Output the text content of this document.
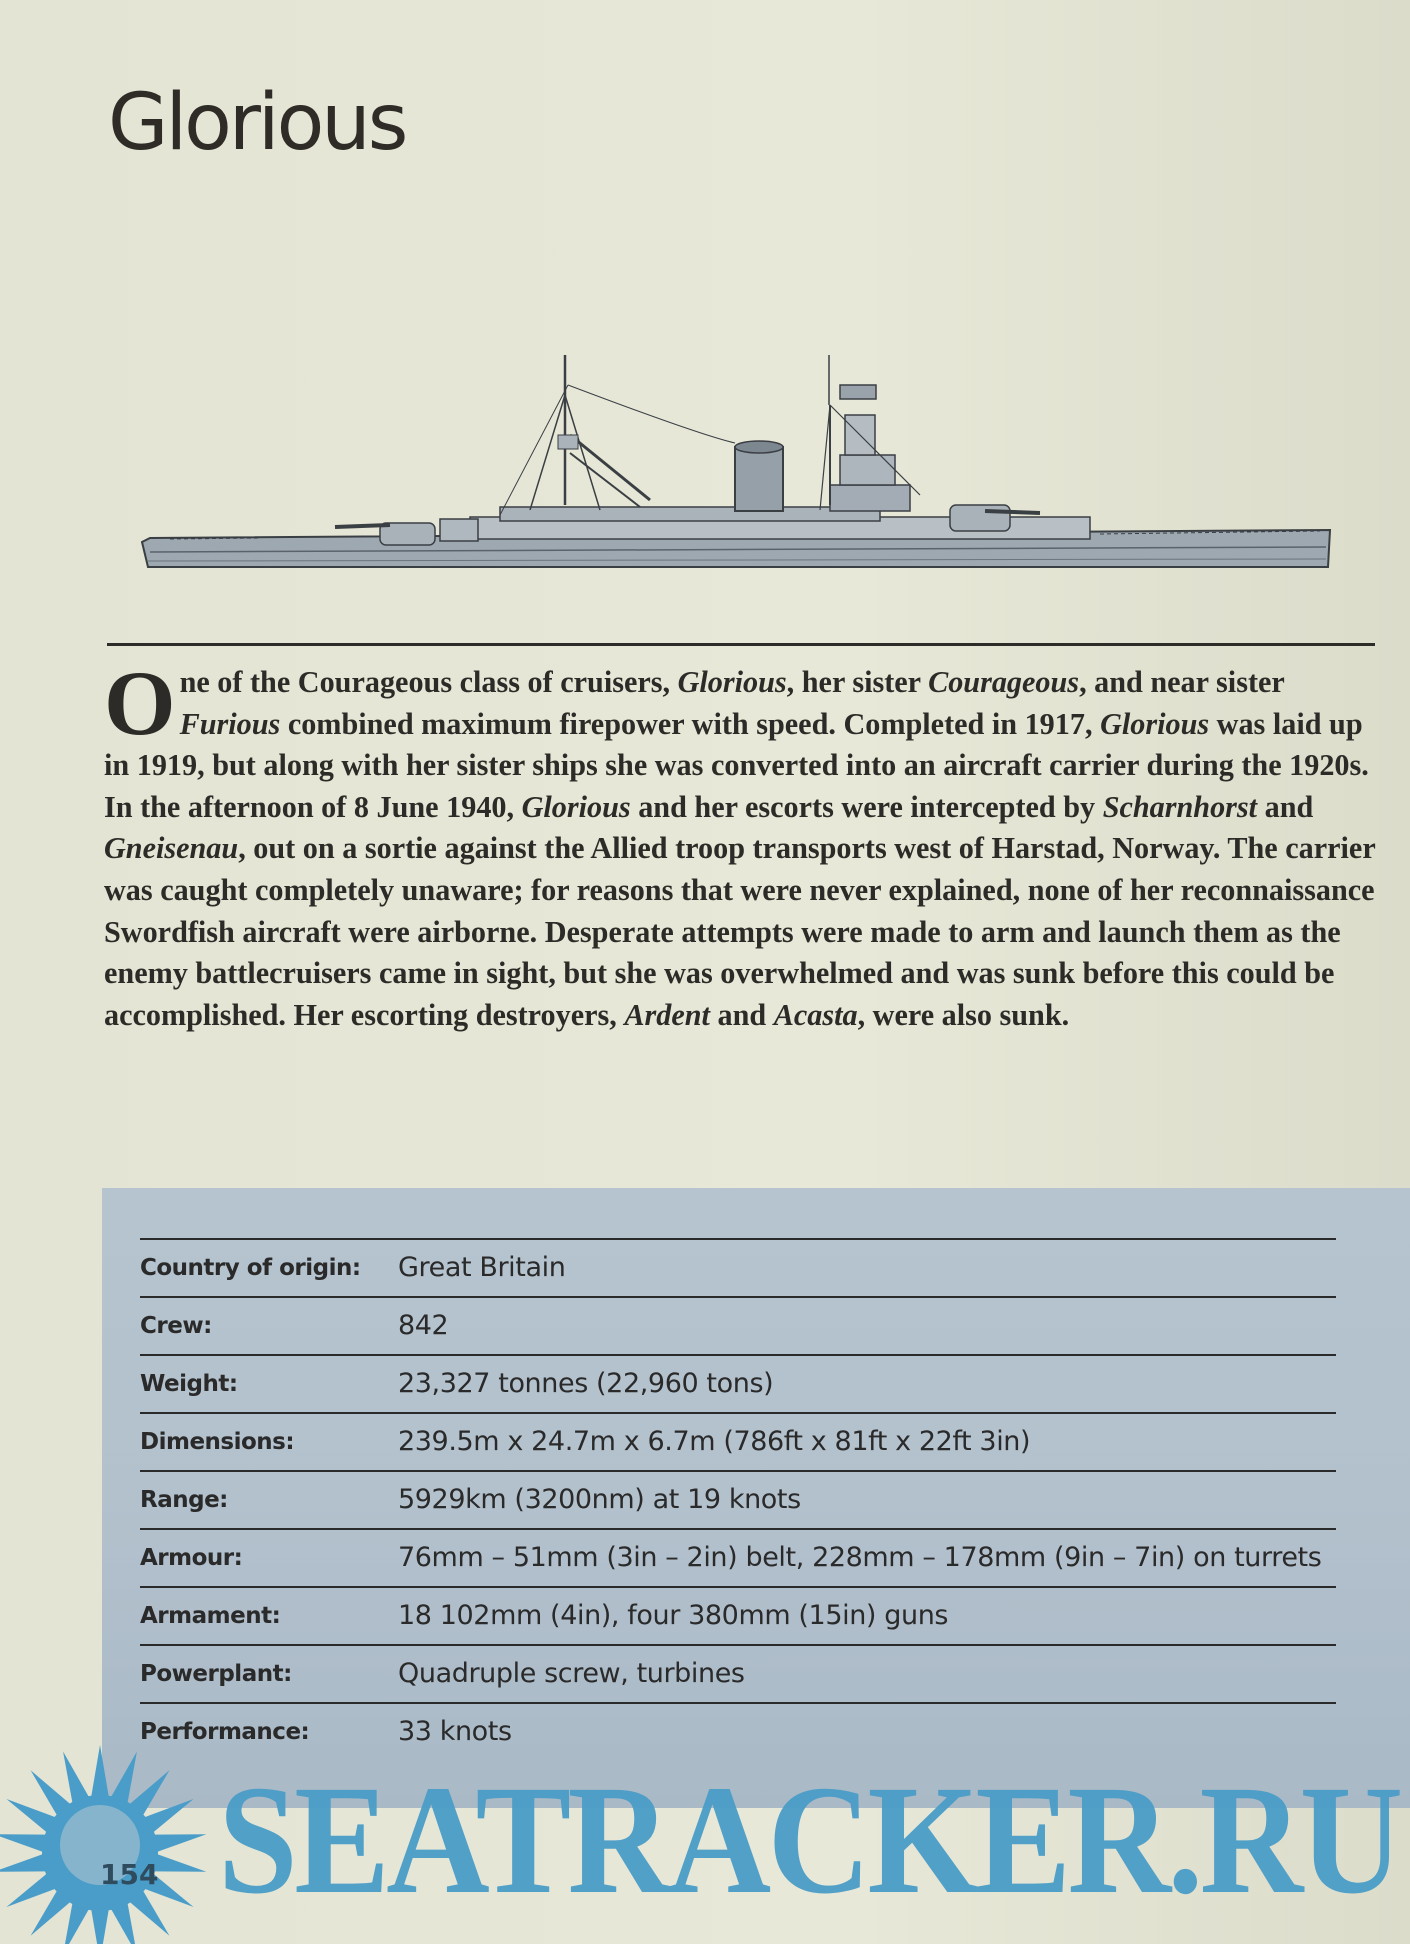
Glorious

One of the Courageous class of cruisers, Glorious, her sister Courageous, and near sister Furious combined maximum firepower with speed. Completed in 1917, Glorious was laid up in 1919, but along with her sister ships she was converted into an aircraft carrier during the 1920s. In the afternoon of 8 June 1940, Glorious and her escorts were intercepted by Scharnhorst and Gneisenau, out on a sortie against the Allied troop transports west of Harstad, Norway. The carrier was caught completely unaware; for reasons that were never explained, none of her reconnaissance Swordfish aircraft were airborne. Desperate attempts were made to arm and launch them as the enemy battlecruisers came in sight, but she was overwhelmed and was sunk before this could be accomplished. Her escorting destroyers, Ardent and Acasta, were also sunk.

Country of origin:	Great Britain
Crew:	842
Weight:	23,327 tonnes (22,960 tons)
Dimensions:	239.5m x 24.7m x 6.7m (786ft x 81ft x 22ft 3in)
Range:	5929km (3200nm) at 19 knots
Armour:	76mm – 51mm (3in – 2in) belt, 228mm – 178mm (9in – 7in) on turrets
Armament:	18 102mm (4in), four 380mm (15in) guns
Powerplant:	Quadruple screw, turbines
Performance:	33 knots
SEATRACKER.RU
154
